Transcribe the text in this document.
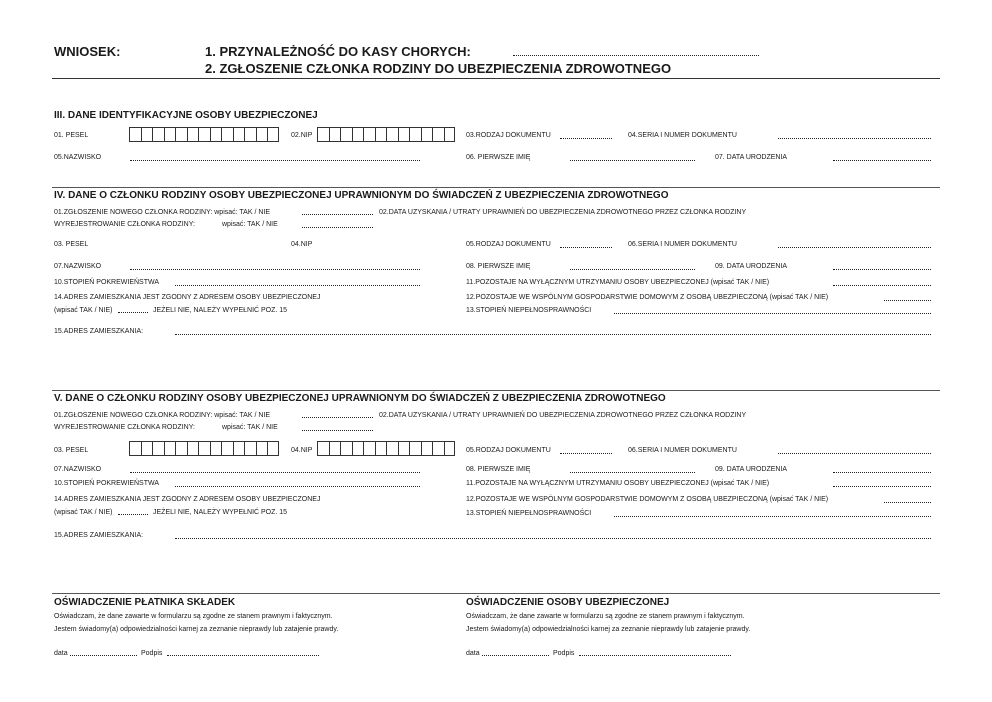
WNIOSEK:	1. PRZYNALEŻNOŚĆ DO KASY CHORYCH:
2. ZGŁOSZENIE CZŁONKA RODZINY DO UBEZPIECZENIA ZDROWOTNEGO
III. DANE IDENTYFIKACYJNE OSOBY UBEZPIECZONEJ
01. PESEL	02.NIP	03.RODZAJ DOKUMENTU	04.SERIA I NUMER DOKUMENTU
05.NAZWISKO	06. PIERWSZE IMIĘ	07. DATA URODZENIA
IV. DANE O CZŁONKU RODZINY OSOBY UBEZPIECZONEJ UPRAWNIONYM DO ŚWIADCZEŃ Z UBEZPIECZENIA ZDROWOTNEGO
01.ZGŁOSZENIE NOWEGO CZŁONKA RODZINY: wpisać: TAK / NIE	02.DATA UZYSKANIA / UTRATY UPRAWNIEŃ DO UBEZPIECZENIA ZDROWOTNEGO PRZEZ CZŁONKA RODZINY
WYREJESTROWANIE CZŁONKA RODZINY:	wpisać: TAK / NIE
03. PESEL	04.NIP	05.RODZAJ DOKUMENTU	06.SERIA I NUMER DOKUMENTU
07.NAZWISKO	08. PIERWSZE IMIĘ	09. DATA URODZENIA
10.STOPIEŃ POKREWIEŃSTWA	11.POZOSTAJE NA WYŁĄCZNYM UTRZYMANIU OSOBY UBEZPIECZONEJ (wpisać TAK / NIE)
14.ADRES ZAMIESZKANIA JEST ZGODNY Z ADRESEM OSOBY UBEZPIECZONEJ	12.POZOSTAJE WE WSPÓLNYM GOSPODARSTWIE DOMOWYM Z OSOBĄ UBEZPIECZONĄ (wpisać TAK / NIE)
(wpisać TAK / NIE)	JEŻELI NIE, NALEŻY WYPEŁNIĆ POZ. 15	13.STOPIEŃ NIEPEŁNOSPRAWNOŚCI
15.ADRES ZAMIESZKANIA:
V. DANE O CZŁONKU RODZINY OSOBY UBEZPIECZONEJ UPRAWNIONYM DO ŚWIADCZEŃ Z UBEZPIECZENIA ZDROWOTNEGO
01.ZGŁOSZENIE NOWEGO CZŁONKA RODZINY: wpisać: TAK / NIE	02.DATA UZYSKANIA / UTRATY UPRAWNIEŃ DO UBEZPIECZENIA ZDROWOTNEGO PRZEZ CZŁONKA RODZINY
WYREJESTROWANIE CZŁONKA RODZINY:	wpisać: TAK / NIE
03. PESEL	04.NIP	05.RODZAJ DOKUMENTU	06.SERIA I NUMER DOKUMENTU
07.NAZWISKO	08. PIERWSZE IMIĘ	09. DATA URODZENIA
10.STOPIEŃ POKREWIEŃSTWA	11.POZOSTAJE NA WYŁĄCZNYM UTRZYMANIU OSOBY UBEZPIECZONEJ (wpisać TAK / NIE)
14.ADRES ZAMIESZKANIA JEST ZGODNY Z ADRESEM OSOBY UBEZPIECZONEJ	12.POZOSTAJE WE WSPÓLNYM GOSPODARSTWIE DOMOWYM Z OSOBĄ UBEZPIECZONĄ (wpisać TAK / NIE)
(wpisać TAK / NIE)	JEŻELI NIE, NALEŻY WYPEŁNIĆ POZ. 15	13.STOPIEŃ NIEPEŁNOSPRAWNOŚCI
15.ADRES ZAMIESZKANIA:
OŚWIADCZENIE PŁATNIKA SKŁADEK
Oświadczam, że dane zawarte w formularzu są zgodne ze stanem prawnym i faktycznym.
Jestem świadomy(a) odpowiedzialności karnej za zeznanie nieprawdy lub zatajenie prawdy.
data	Podpis
OŚWIADCZENIE OSOBY UBEZPIECZONEJ
Oświadczam, że dane zawarte w formularzu są zgodne ze stanem prawnym i faktycznym.
Jestem świadomy(a) odpowiedzialności karnej za zeznanie nieprawdy lub zatajenie prawdy.
data	Podpis
